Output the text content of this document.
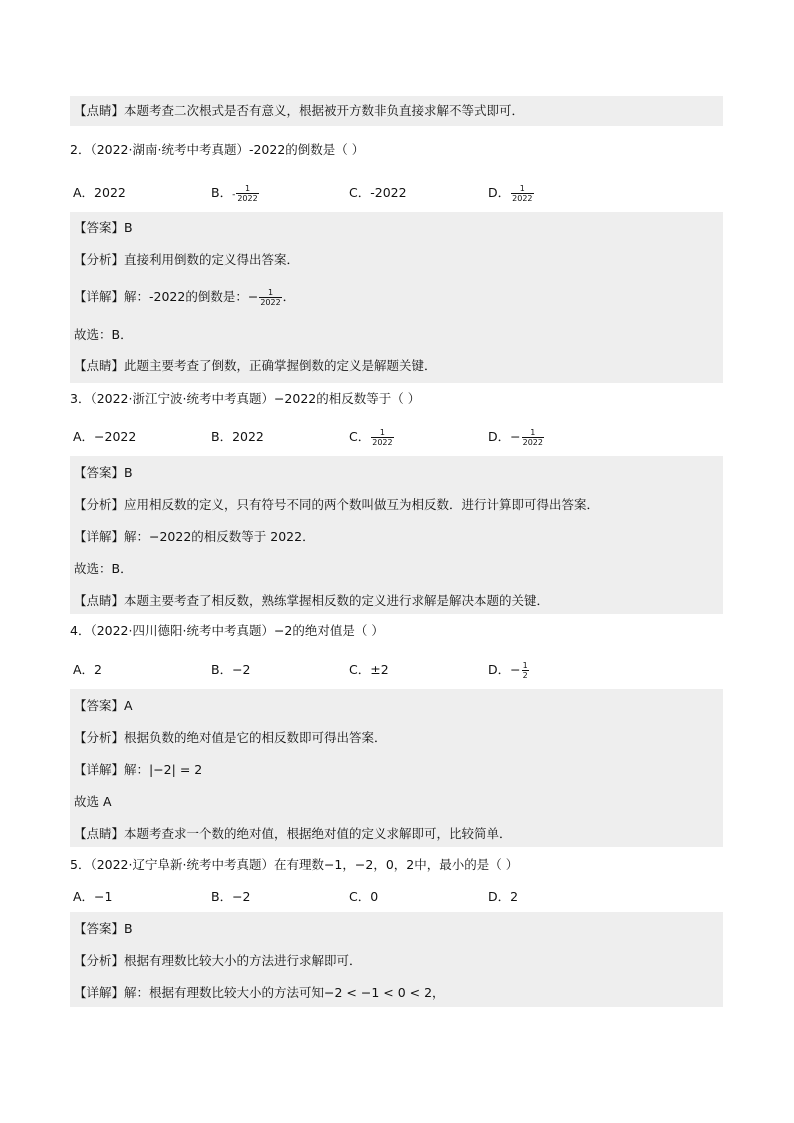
【点睛】本题考查二次根式是否有意义，根据被开方数非负直接求解不等式即可．
2．（2022·湖南·统考中考真题）-2022的倒数是（ ）
A．2022	B．- $\frac{1}{2022}$	C．-2022	D． $\frac{1}{2022}$
【答案】B
【分析】直接利用倒数的定义得出答案．
【详解】解：-2022的倒数是：− $\frac{1}{2022}$ ．
故选：B．
【点睛】此题主要考查了倒数，正确掌握倒数的定义是解题关键．
3．（2022·浙江宁波·统考中考真题）−2022的相反数等于（ ）
A．−2022	B．2022	C． $\frac{1}{2022}$	D．− $\frac{1}{2022}$
【答案】B
【分析】应用相反数的定义，只有符号不同的两个数叫做互为相反数．进行计算即可得出答案．
【详解】解：−2022的相反数等于 2022．
故选：B．
【点睛】本题主要考查了相反数，熟练掌握相反数的定义进行求解是解决本题的关键．
4．（2022·四川德阳·统考中考真题）−2的绝对值是（ ）
A．2	B．−2	C．±2	D．− $\frac{1}{2}$
【答案】A
【分析】根据负数的绝对值是它的相反数即可得出答案．
【详解】解：|−2| = 2
故选 A
【点睛】本题考查求一个数的绝对值，根据绝对值的定义求解即可，比较简单．
5．（2022·辽宁阜新·统考中考真题）在有理数−1，−2，0，2中，最小的是（ ）
A．−1	B．−2	C．0	D．2
【答案】B
【分析】根据有理数比较大小的方法进行求解即可．
【详解】解：根据有理数比较大小的方法可知−2 < −1 < 0 < 2，
